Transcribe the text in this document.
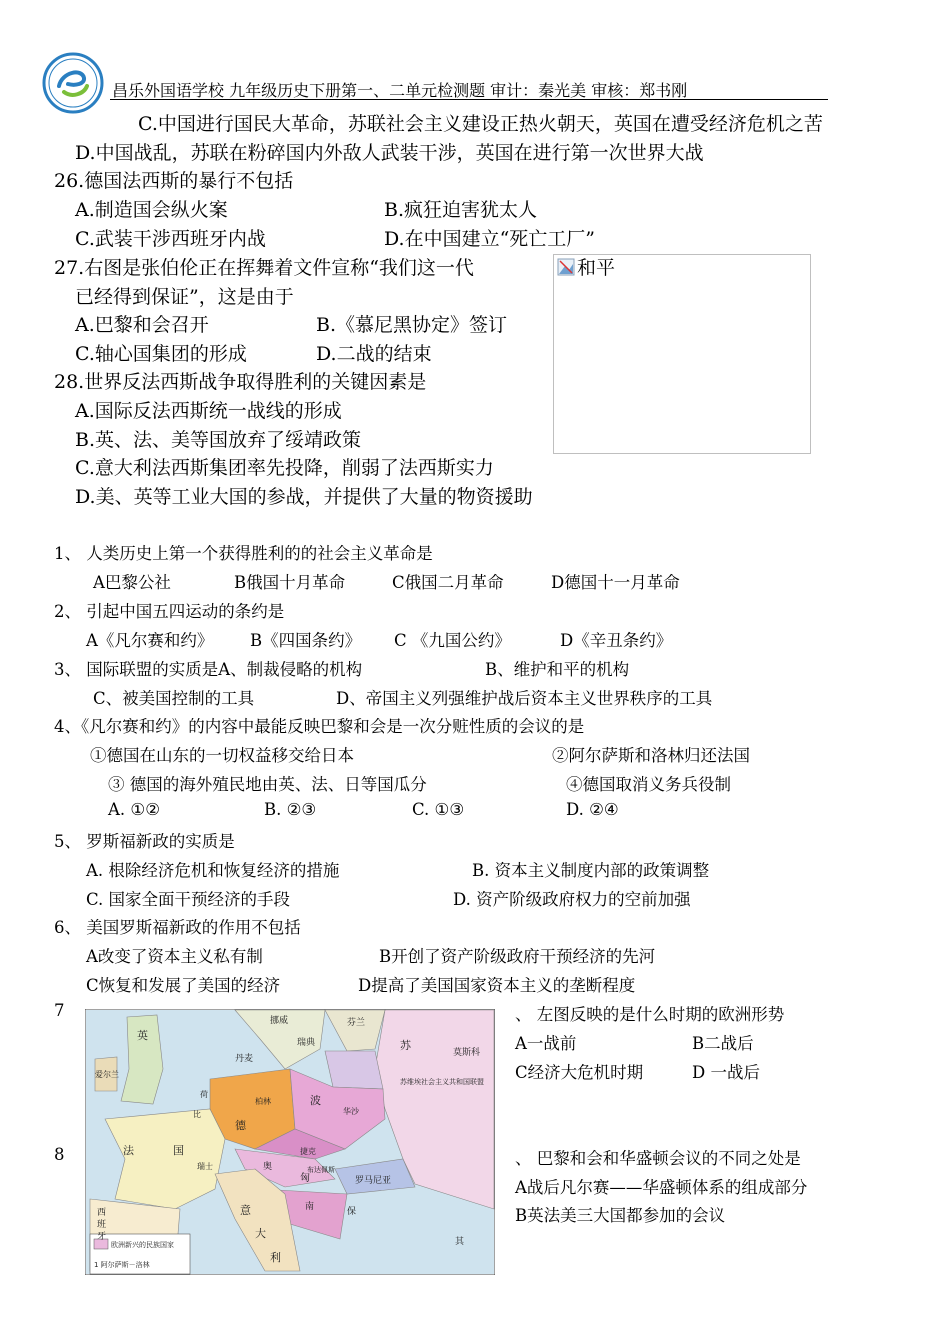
昌乐外国语学校 九年级历史下册第一、二单元检测题 审计：秦光美 审核：郑书刚
C.中国进行国民大革命，苏联社会主义建设正热火朝天，英国在遭受经济危机之苦
D.中国战乱，苏联在粉碎国内外敌人武装干涉，英国在进行第一次世界大战
26.德国法西斯的暴行不包括
A.制造国会纵火案	B.疯狂迫害犹太人
C.武装干涉西班牙内战	D.在中国建立“死亡工厂”
27.右图是张伯伦正在挥舞着文件宣称“我们这一代	和平
已经得到保证”，这是由于
A.巴黎和会召开	B.《慕尼黑协定》签订
C.轴心国集团的形成	D.二战的结束
28.世界反法西斯战争取得胜利的关键因素是
A.国际反法西斯统一战线的形成
B.英、法、美等国放弃了绥靖政策
C.意大利法西斯集团率先投降，削弱了法西斯实力
D.美、英等工业大国的参战，并提供了大量的物资援助
1、 人类历史上第一个获得胜利的的社会主义革命是
A巴黎公社	B俄国十月革命	C俄国二月革命	D德国十一月革命
2、 引起中国五四运动的条约是
A《凡尔赛和约》 B《四国条约》 C 《九国公约》	D《辛丑条约》
3、 国际联盟的实质是A、制裁侵略的机构	B、维护和平的机构
C、被美国控制的工具	D、帝国主义列强维护战后资本主义世界秩序的工具
4、《凡尔赛和约》的内容中最能反映巴黎和会是一次分赃性质的会议的是
①德国在山东的一切权益移交给日本	②阿尔萨斯和洛林归还法国
③ 德国的海外殖民地由英、法、日等国瓜分	④德国取消义务兵役制
A. ①②	B. ②③	C. ①③	D. ②④
5、 罗斯福新政的实质是
A. 根除经济危机和恢复经济的措施	B. 资本主义制度内部的政策调整
C. 国家全面干预经济的手段	D. 资产阶级政府权力的空前加强
6、 美国罗斯福新政的作用不包括
A改变了资本主义私有制	B开创了资产阶级政府干预经济的先河
C恢复和发展了美国的经济	D提高了美国国家资本主义的垄断程度
7	、 左图反映的是什么时期的欧洲形势
A一战前	B二战后
C经济大危机时期	D 一战后
8	、 巴黎和会和华盛顿会议的不同之处是
A战后凡尔赛——华盛顿体系的组成部分
B英法美三大国都参加的会议
挪威
瑞典
芬兰
英
丹麦
苏
爱尔兰
莫斯科
荷
比
柏林
德
波
华沙
苏维埃社会主义共和国联盟
法	国
瑞士	奥
捷克
匈
布达佩斯
罗马尼亚
意
大
利
西
班
牙
保
其
南
欧洲新兴的民族国家
1 阿尔萨斯－洛林
